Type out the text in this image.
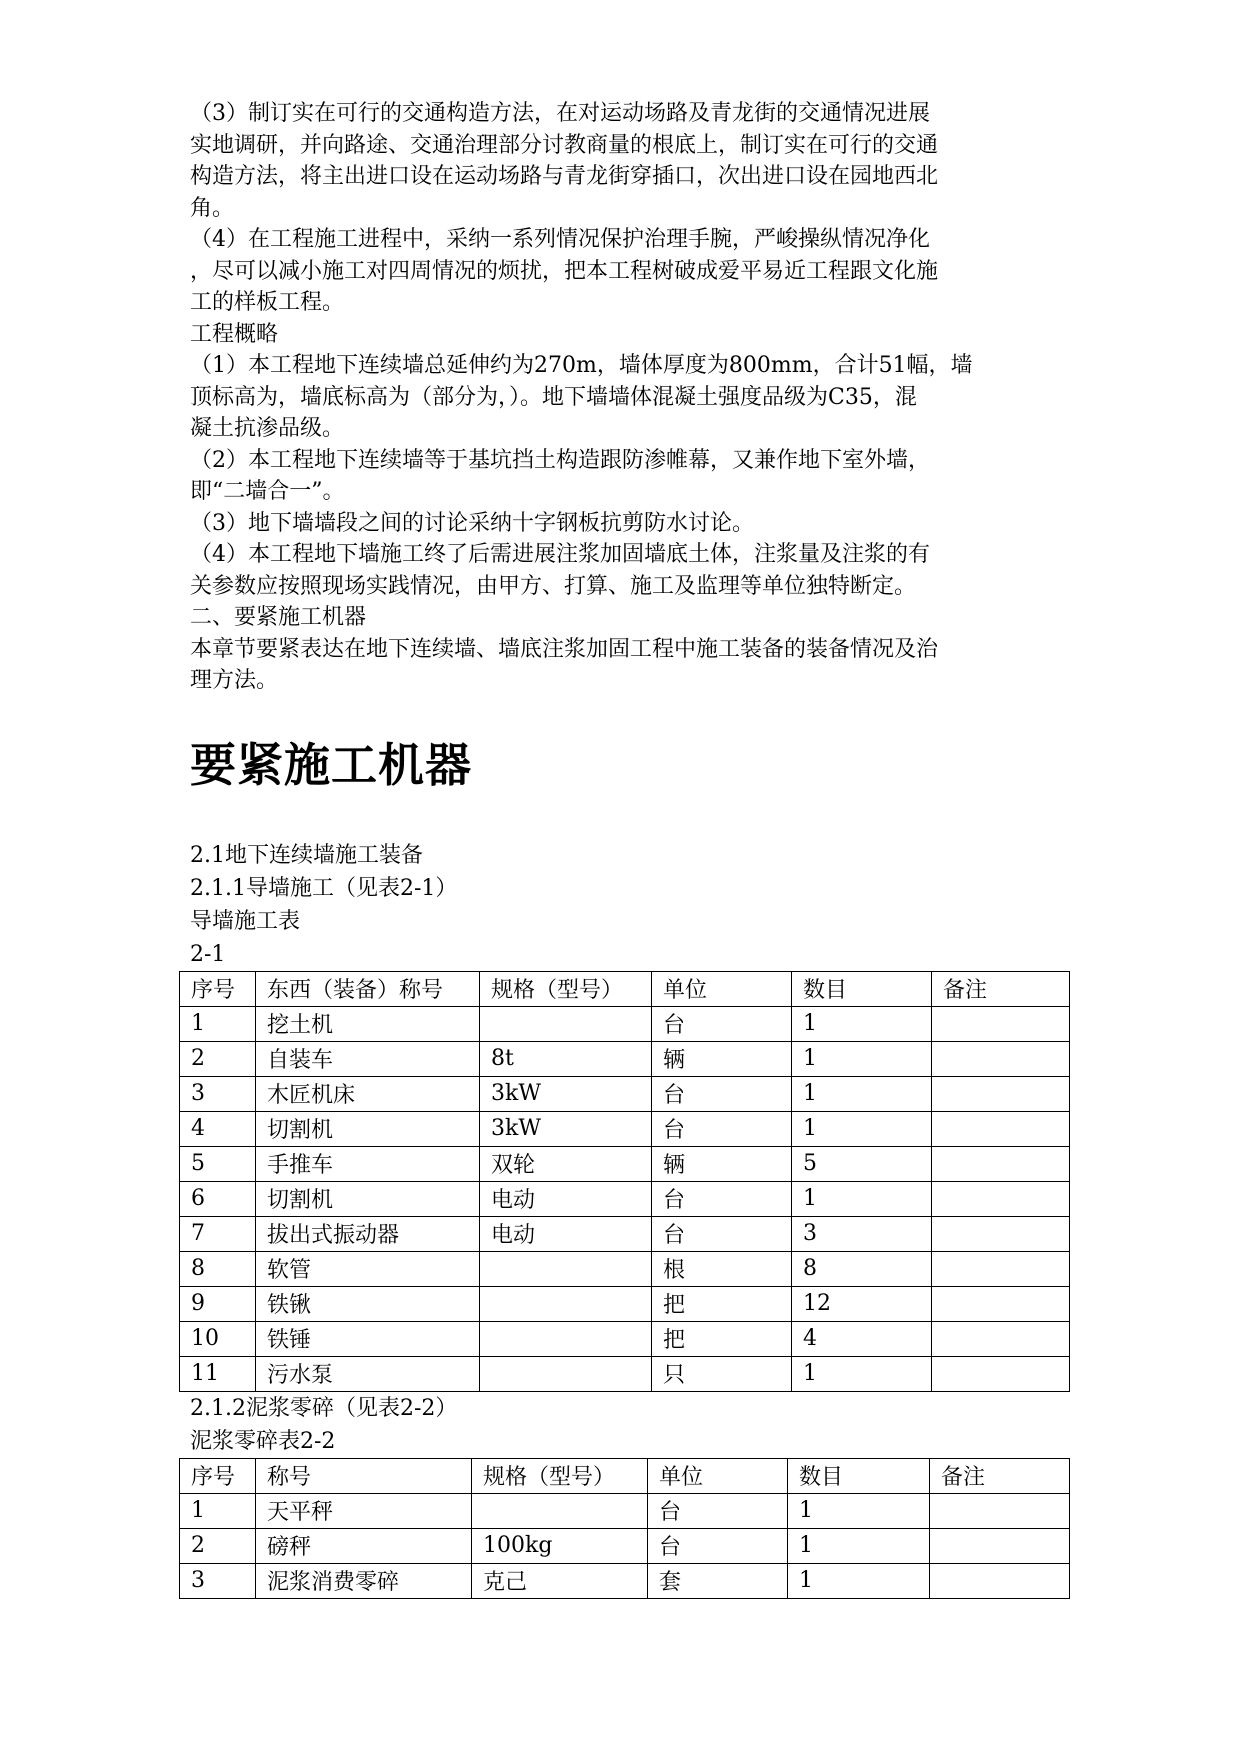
（3）制订实在可行的交通构造方法，在对运动场路及青龙街的交通情况进展
实地调研，并向路途、交通治理部分讨教商量的根底上，制订实在可行的交通
构造方法，将主出进口设在运动场路与青龙街穿插口，次出进口设在园地西北
角。

（4）在工程施工进程中，采纳一系列情况保护治理手腕，严峻操纵情况净化
，尽可以减小施工对四周情况的烦扰，把本工程树破成爱平易近工程跟文化施
工的样板工程。

工程概略

（1）本工程地下连续墙总延伸约为270m，墙体厚度为800mm，合计51幅，墙
顶标高为，墙底标高为（部分为，）。地下墙墙体混凝土强度品级为C35，混
凝土抗渗品级。

（2）本工程地下连续墙等于基坑挡土构造跟防渗帷幕，又兼作地下室外墙，
即“二墙合一”。

（3）地下墙墙段之间的讨论采纳十字钢板抗剪防水讨论。

（4）本工程地下墙施工终了后需进展注浆加固墙底土体，注浆量及注浆的有
关参数应按照现场实践情况，由甲方、打算、施工及监理等单位独特断定。

二、要紧施工机器

本章节要紧表达在地下连续墙、墙底注浆加固工程中施工装备的装备情况及治
理方法。

要紧施工机器

2.1地下连续墙施工装备

2.1.1导墙施工（见表2-1）

导墙施工表

2-1

序号	东西（装备）称号	规格（型号）	单位	数目	备注
1	挖土机		台	1	
2	自装车	8t	辆	1	
3	木匠机床	3kW	台	1	
4	切割机	3kW	台	1	
5	手推车	双轮	辆	5	
6	切割机	电动	台	1	
7	拔出式振动器	电动	台	3	
8	软管		根	8	
9	铁锹		把	12	
10	铁锤		把	4	
11	污水泵		只	1	

2.1.2泥浆零碎（见表2-2）

泥浆零碎表2-2

序号	称号	规格（型号）	单位	数目	备注
1	天平秤		台	1	
2	磅秤	100kg	台	1	
3	泥浆消费零碎	克己	套	1	
